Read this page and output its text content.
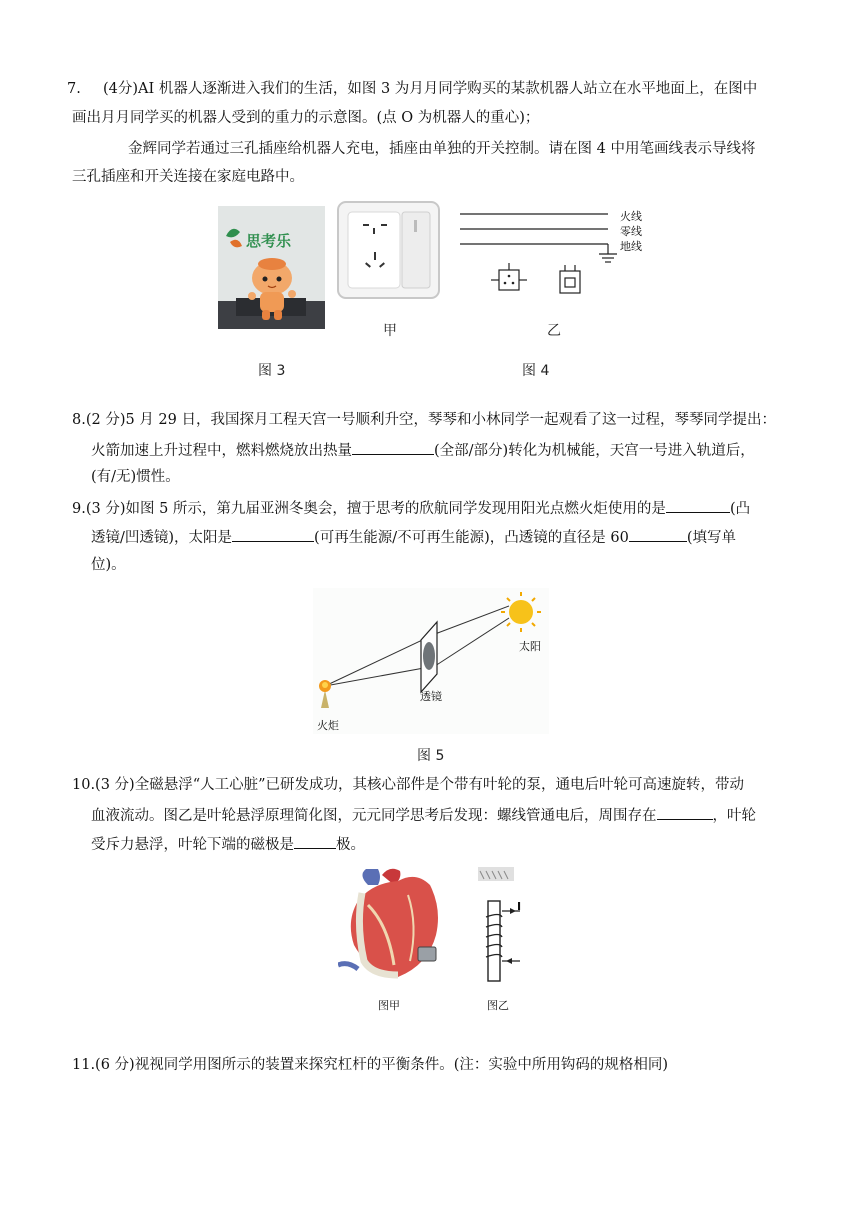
7. (4分)AI 机器人逐渐进入我们的生活，如图 3 为月月同学购买的某款机器人站立在水平地面上，在图中
画出月月同学买的机器人受到的重力的示意图。(点 O 为机器人的重心)；
金辉同学若通过三孔插座给机器人充电，插座由单独的开关控制。请在图 4 中用笔画线表示导线将
三孔插座和开关连接在家庭电路中。
思考乐
图 3
甲
火线
零线
地线
乙
图 4
8.(2 分)5 月 29 日，我国探月工程天宫一号顺利升空，琴琴和小林同学一起观看了这一过程，琴琴同学提出：
火箭加速上升过程中，燃料燃烧放出热量	(全部/部分)转化为机械能，天宫一号进入轨道后，
(有/无)惯性。
9.(3 分)如图 5 所示，第九届亚洲冬奥会，擅于思考的欣航同学发现用阳光点燃火炬使用的是	(凸
透镜/凹透镜)，太阳是	(可再生能源/不可再生能源)，凸透镜的直径是 60	(填写单
位)。
太阳
透镜
火炬
图 5
10.(3 分)全磁悬浮“人工心脏”已研发成功，其核心部件是个带有叶轮的泵，通电后叶轮可高速旋转，带动
血液流动。图乙是叶轮悬浮原理简化图，元元同学思考后发现：螺线管通电后，周围存在	，叶轮
受斥力悬浮，叶轮下端的磁极是	极。
图甲
I
图乙
11.(6 分)视视同学用图所示的装置来探究杠杆的平衡条件。(注：实验中所用钩码的规格相同)
